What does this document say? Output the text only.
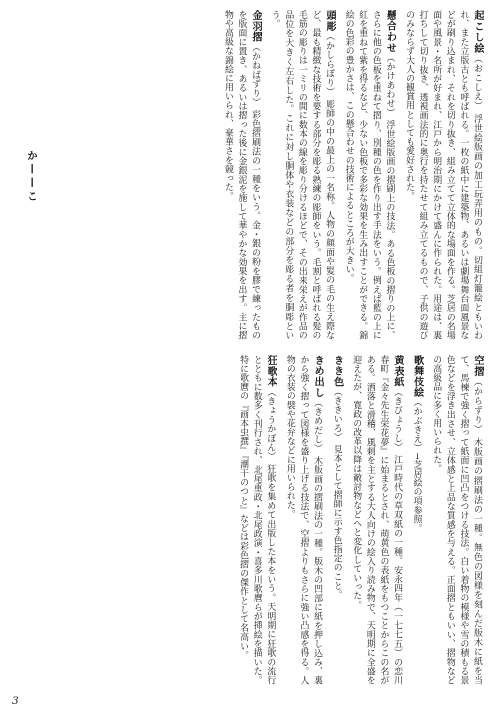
起こし絵（おこしえ） 浮世絵版画の加工玩弄用のもの。切組灯籠絵ともいわれ、また立版古とも呼ばれる。一枚の紙中に建築物、あるいは劇場舞台面風景などが刷り込まれ、それを切り抜き、組み立てて立体的な場面を作る。芝居の名場面や風景・名所が好まれ、江戸から明治期にかけて盛んに作られた。用途は、裏打ちして切り抜き、透視画法的に奥行を持たせて組み立てるもので、子供の遊びのみならず大人の観賞用としても愛好された。
懸合わせ（かけあわせ） 浮世絵版画の摺刷上の技法。ある色板の摺りの上に、さらに他の色板を重ねて摺り、別種の色を作り出す手法をいう。例えば藍の上に紅を重ねて紫を得るなど、少ない色板で多彩な効果を生み出すことができる。錦絵の色彩の豊かさは、この懸合わせの技術によるところが大きい。
頭彫（かしらぼり） 彫師の中の最上の一名称。人物の顔面や髪の毛の生え際など、最も精緻な技術を要する部分を彫る熟練の彫師をいう。毛割と呼ばれる髪の毛筋の彫りは一ミリの間に数本の線を彫り分けるほどで、その出来栄えが作品の品位を大きく左右した。これに対し胴体や衣装などの部分を彫る者を胴彫という。
金羽摺（かねばずり） 彩色摺刷法の一種をいう。金・銀の粉を膠で練ったものを版面に置き、あるいは摺った後に金銀泥を施して華やかな効果を出す。主に摺物や高級な錦絵に用いられ、豪華さを競った。
か——こ
空摺（からずり） 木版画の摺刷法の一種。無色の図様を刻んだ版木に紙を当て、馬楝で強く摺って紙面に凹凸をつける技法。白い着物の模様や雪の積もる景色などを浮き出させ、立体感と上品な質感を与える。正面摺ともいい、摺物などの高級品に多く用いられた。
歌舞伎絵（かぶきえ）→芝居絵の項参照。
黄表紙（きびょうし） 江戸時代の草双紙の一種。安永四年（一七七五）の恋川春町『金々先生栄花夢』に始まるとされ、萌黄色の表紙をもつことからこの名がある。洒落と滑稽、風刺を主とする大人向けの絵入り読み物で、天明期に全盛を迎えたが、寛政の改革以降は敵討物などへと変化していった。
きき色（ききいろ） 見本として摺師に示す色指定のこと。
きめ出し（きめだし） 木版画の摺刷法の一種。版木の凹部に紙を押し込み、裏から強く摺って図様を盛り上げる技法で、空摺よりもさらに強い凸感を得る。人物の衣装の襞や花弁などに用いられた。
狂歌本（きょうかぼん） 狂歌を集めて出版した本をいう。天明期に狂歌の流行とともに数多く刊行され、北尾重政・北尾政演・喜多川歌麿らが挿絵を描いた。特に歌麿の『画本虫撰』『潮干のつと』などは彩色摺の傑作として名高い。
3
